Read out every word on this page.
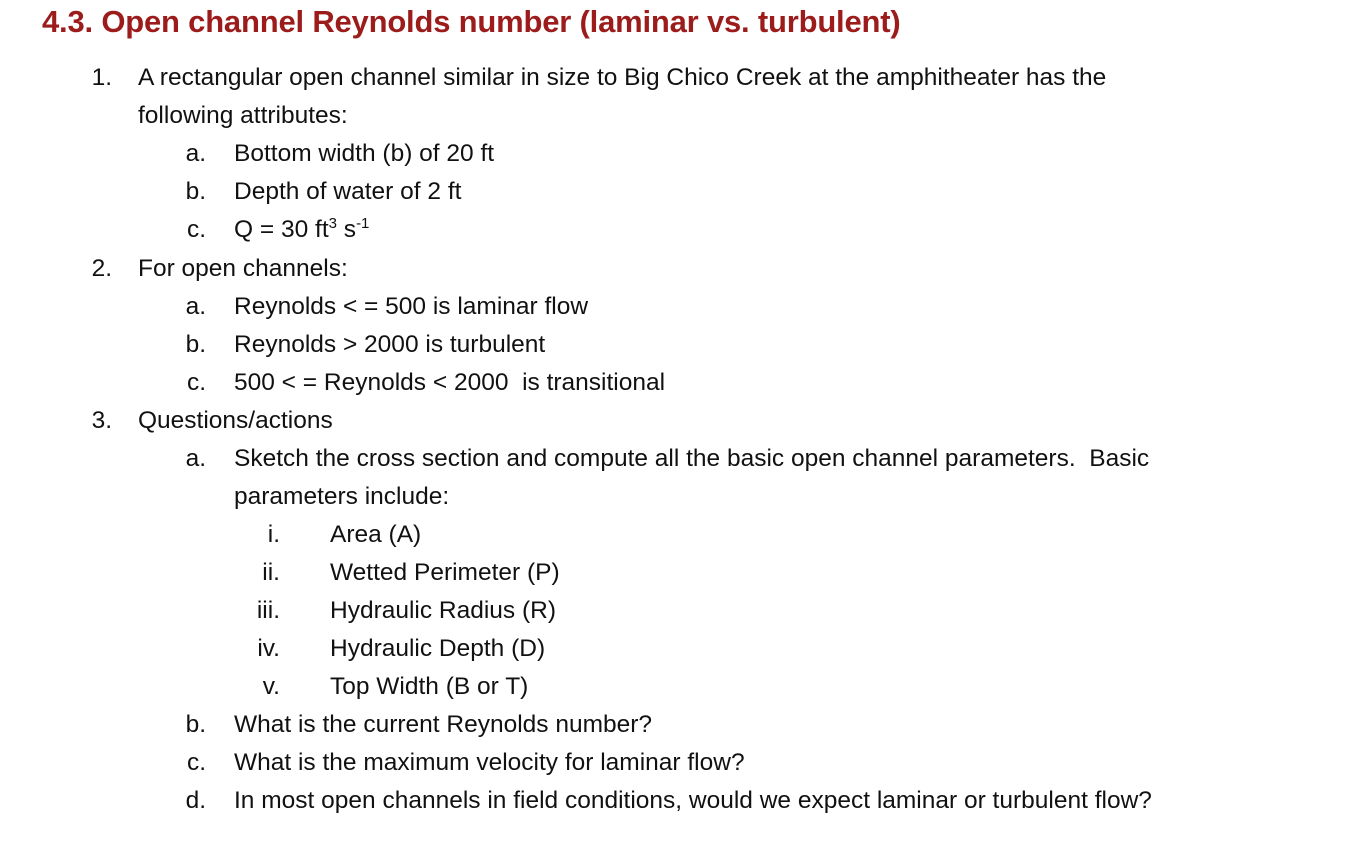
4.3. Open channel Reynolds number (laminar vs. turbulent)
1. A rectangular open channel similar in size to Big Chico Creek at the amphitheater has the
following attributes:
a. Bottom width (b) of 20 ft
b. Depth of water of 2 ft
c. Q = 30 $ft^3$ $s^{-1}$
2. For open channels:
a. Reynolds < = 500 is laminar flow
b. Reynolds > 2000 is turbulent
c. 500 < = Reynolds < 2000  is transitional
3. Questions/actions
a. Sketch the cross section and compute all the basic open channel parameters.  Basic
parameters include:
i. Area (A)
ii. Wetted Perimeter (P)
iii. Hydraulic Radius (R)
iv. Hydraulic Depth (D)
v. Top Width (B or T)
b. What is the current Reynolds number?
c. What is the maximum velocity for laminar flow?
d. In most open channels in field conditions, would we expect laminar or turbulent flow?
